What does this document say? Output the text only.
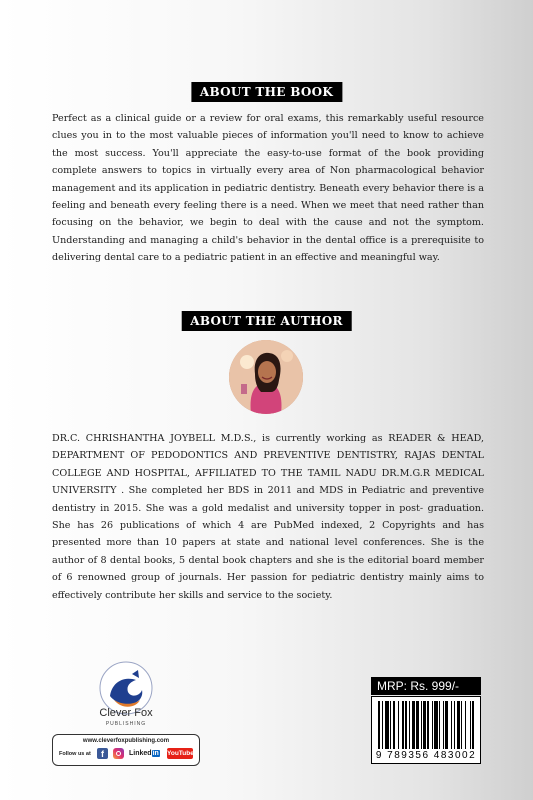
ABOUT THE BOOK
Perfect as a clinical guide or a review for oral exams, this remarkably useful resource clues you in to the most valuable pieces of information you'll need to know to achieve the most success. You'll appreciate the easy-to-use format of the book providing complete answers to topics in virtually every area of Non pharmacological behavior management and its application in pediatric dentistry. Beneath every behavior there is a feeling and beneath every feeling there is a need. When we meet that need rather than focusing on the behavior, we begin to deal with the cause and not the symptom. Understanding and managing a child's behavior in the dental office is a prerequisite to delivering dental care to a pediatric patient in an effective and meaningful way.
ABOUT THE AUTHOR
DR.C. CHRISHANTHA JOYBELL M.D.S., is currently working as READER & HEAD, DEPARTMENT OF PEDODONTICS AND PREVENTIVE DENTISTRY, RAJAS DENTAL COLLEGE AND HOSPITAL, AFFILIATED TO THE TAMIL NADU DR.M.G.R MEDICAL UNIVERSITY . She completed her BDS in 2011 and MDS in Pediatric and preventive dentistry in 2015. She was a gold medalist and university topper in post- graduation. She has 26 publications of which 4 are PubMed indexed, 2 Copyrights and has presented more than 10 papers at state and national level conferences. She is the author of 8 dental books, 5 dental book chapters and she is the editorial board member of 6 renowned group of journals. Her passion for pediatric dentistry mainly aims to effectively contribute her skills and service to the society.
Clever Fox
PUBLISHING
www.cleverfoxpublishing.com
Follow us at	f	Linkedin YouTube
MRP: Rs. 999/-
9 789356 483002
